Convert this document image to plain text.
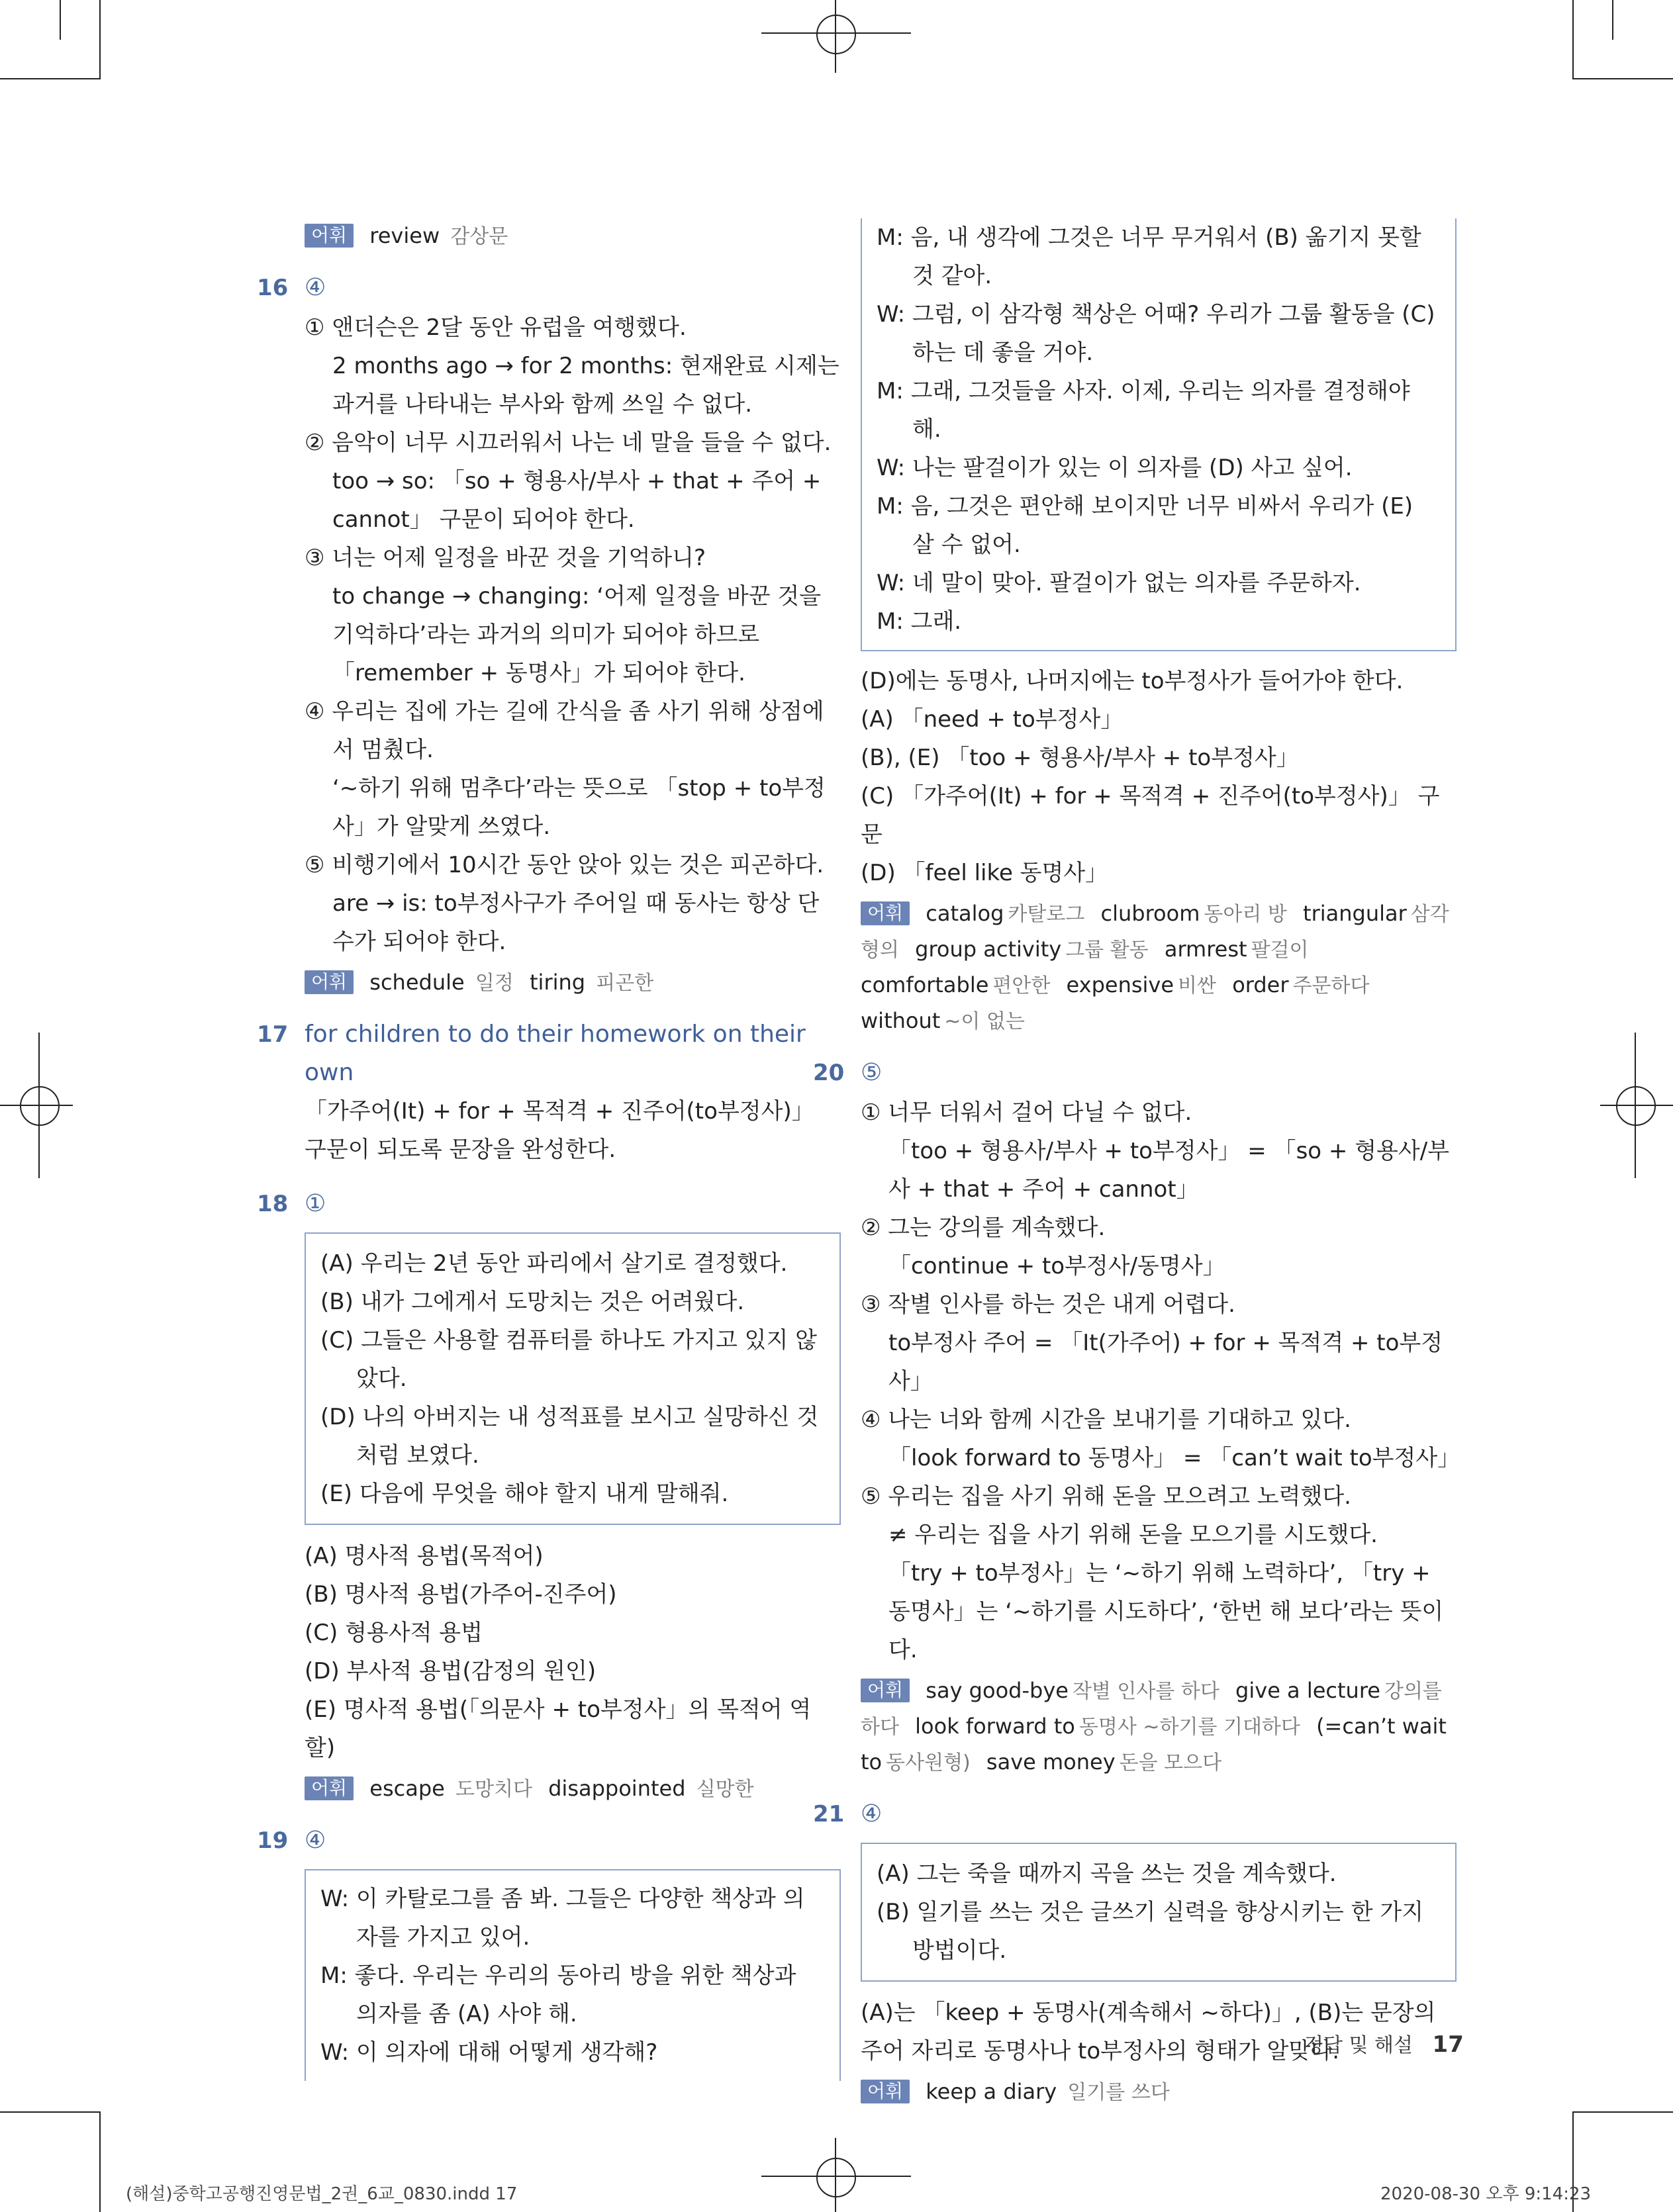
어휘 review 감상문
16 ④
① 앤더슨은 2달 동안 유럽을 여행했다.
2 months ago → for 2 months: 현재완료 시제는 과거를 나타내는 부사와 함께 쓰일 수 없다.
② 음악이 너무 시끄러워서 나는 네 말을 들을 수 없다.
too → so: 「so + 형용사/부사 + that + 주어 + cannot」 구문이 되어야 한다.
③ 너는 어제 일정을 바꾼 것을 기억하니?
to change → changing: ‘어제 일정을 바꾼 것을 기억하다’라는 과거의 의미가 되어야 하므로 「remember + 동명사」가 되어야 한다.
④ 우리는 집에 가는 길에 간식을 좀 사기 위해 상점에서 멈췄다.
‘~하기 위해 멈추다’라는 뜻으로 「stop + to부정사」가 알맞게 쓰였다.
⑤ 비행기에서 10시간 동안 앉아 있는 것은 피곤하다.
are → is: to부정사구가 주어일 때 동사는 항상 단수가 되어야 한다.
어휘 schedule 일정 tiring 피곤한
17 for children to do their homework on their own
「가주어(It) + for + 목적격 + 진주어(to부정사)」 구문이 되도록 문장을 완성한다.
18 ①
(A) 우리는 2년 동안 파리에서 살기로 결정했다.
(B) 내가 그에게서 도망치는 것은 어려웠다.
(C) 그들은 사용할 컴퓨터를 하나도 가지고 있지 않았다.
(D) 나의 아버지는 내 성적표를 보시고 실망하신 것처럼 보였다.
(E) 다음에 무엇을 해야 할지 내게 말해줘.
(A) 명사적 용법(목적어)
(B) 명사적 용법(가주어-진주어)
(C) 형용사적 용법
(D) 부사적 용법(감정의 원인)
(E) 명사적 용법(「의문사 + to부정사」의 목적어 역할)
어휘 escape 도망치다 disappointed 실망한
19 ④
W: 이 카탈로그를 좀 봐. 그들은 다양한 책상과 의자를 가지고 있어.
M: 좋다. 우리는 우리의 동아리 방을 위한 책상과 의자를 좀 (A) 사야 해.
W: 이 의자에 대해 어떻게 생각해?
M: 음, 내 생각에 그것은 너무 무거워서 (B) 옮기지 못할 것 같아.
W: 그럼, 이 삼각형 책상은 어때? 우리가 그룹 활동을 (C) 하는 데 좋을 거야.
M: 그래, 그것들을 사자. 이제, 우리는 의자를 결정해야 해.
W: 나는 팔걸이가 있는 이 의자를 (D) 사고 싶어.
M: 음, 그것은 편안해 보이지만 너무 비싸서 우리가 (E) 살 수 없어.
W: 네 말이 맞아. 팔걸이가 없는 의자를 주문하자.
M: 그래.
(D)에는 동명사, 나머지에는 to부정사가 들어가야 한다.
(A) 「need + to부정사」
(B), (E) 「too + 형용사/부사 + to부정사」
(C) 「가주어(It) + for + 목적격 + 진주어(to부정사)」 구문
(D) 「feel like 동명사」
어휘 catalog 카탈로그 clubroom 동아리 방 triangular 삼각형의 group activity 그룹 활동 armrest 팔걸이 comfortable 편안한 expensive 비싼 order 주문하다 without ~이 없는
20 ⑤
① 너무 더워서 걸어 다닐 수 없다.
「too + 형용사/부사 + to부정사」 = 「so + 형용사/부사 + that + 주어 + cannot」
② 그는 강의를 계속했다.
「continue + to부정사/동명사」
③ 작별 인사를 하는 것은 내게 어렵다.
to부정사 주어 = 「It(가주어) + for + 목적격 + to부정사」
④ 나는 너와 함께 시간을 보내기를 기대하고 있다.
「look forward to 동명사」 = 「can’t wait to부정사」
⑤ 우리는 집을 사기 위해 돈을 모으려고 노력했다.
≠ 우리는 집을 사기 위해 돈을 모으기를 시도했다.
「try + to부정사」는 ‘~하기 위해 노력하다’, 「try + 동명사」는 ‘~하기를 시도하다’, ‘한번 해 보다’라는 뜻이다.
어휘 say good-bye 작별 인사를 하다 give a lecture 강의를 하다 look forward to 동명사 ~하기를 기대하다 (=can’t wait to 동사원형) save money 돈을 모으다
21 ④
(A) 그는 죽을 때까지 곡을 쓰는 것을 계속했다.
(B) 일기를 쓰는 것은 글쓰기 실력을 향상시키는 한 가지 방법이다.
(A)는 「keep + 동명사(계속해서 ~하다)」, (B)는 문장의 주어 자리로 동명사나 to부정사의 형태가 알맞다.
어휘 keep a diary 일기를 쓰다
정답 및 해설 17
(해설)중학고공행진영문법_2권_6교_0830.indd 17	2020-08-30 오후 9:14:23
